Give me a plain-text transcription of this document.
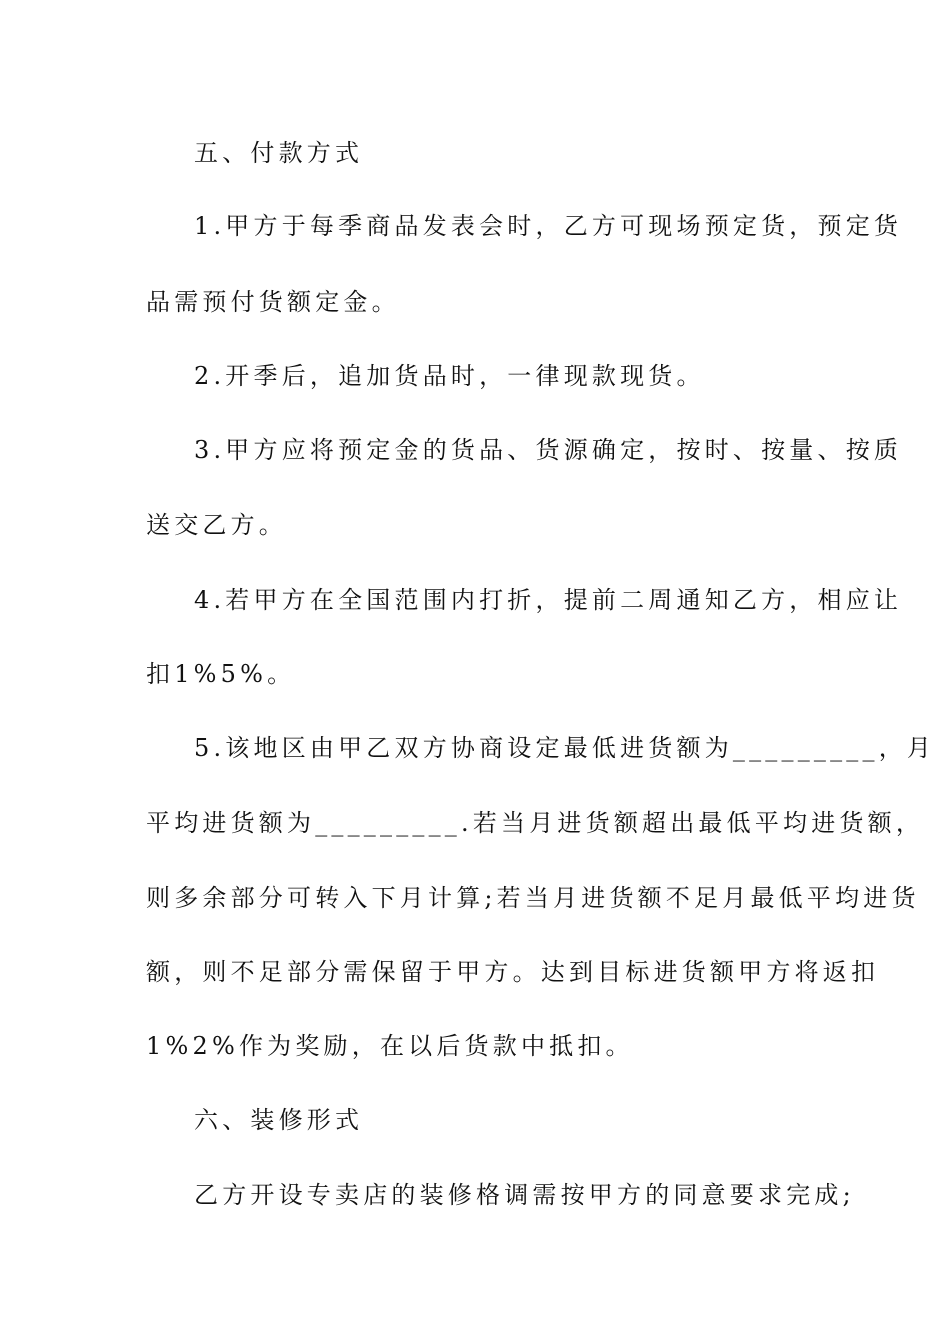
五、付款方式
1.甲方于每季商品发表会时，乙方可现场预定货，预定货
品需预付货额定金。
2.开季后，追加货品时，一律现款现货。
3.甲方应将预定金的货品、货源确定，按时、按量、按质
送交乙方。
4.若甲方在全国范围内打折，提前二周通知乙方，相应让
扣1%5%。
5.该地区由甲乙双方协商设定最低进货额为_________，月
平均进货额为_________.若当月进货额超出最低平均进货额，
则多余部分可转入下月计算;若当月进货额不足月最低平均进货
额，则不足部分需保留于甲方。达到目标进货额甲方将返扣
1%2%作为奖励，在以后货款中抵扣。
六、装修形式
乙方开设专卖店的装修格调需按甲方的同意要求完成;
